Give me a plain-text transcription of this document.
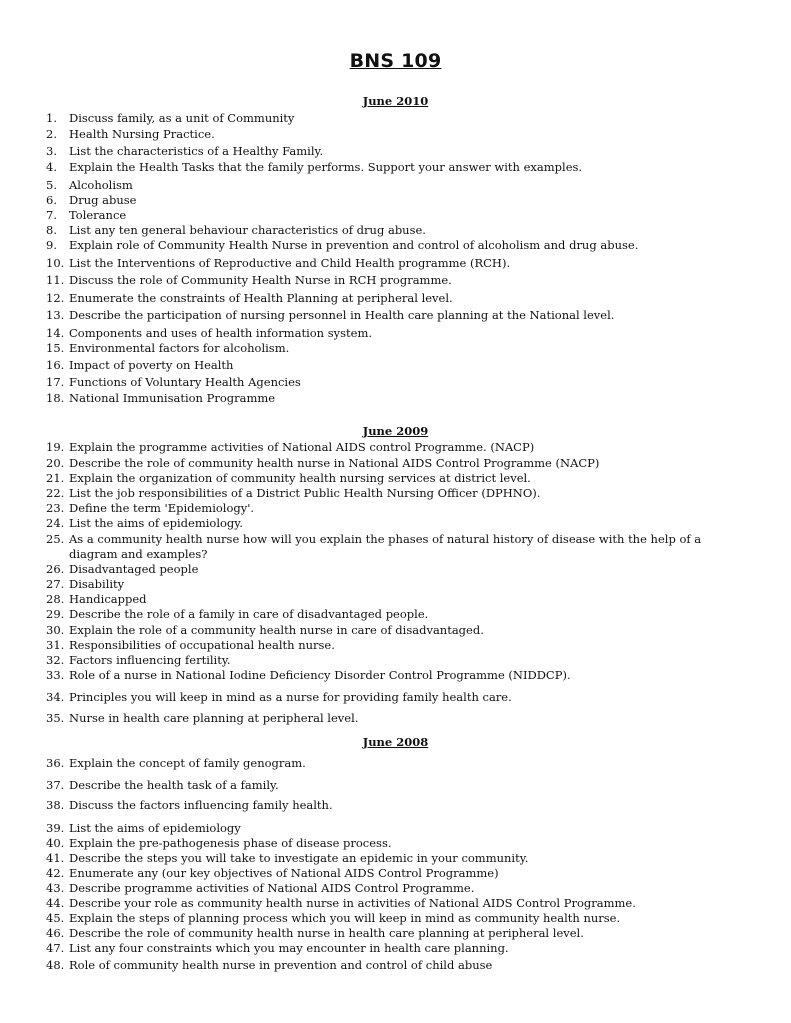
BNS 109
June 2010
1. Discuss family, as a unit of Community
2. Health Nursing Practice.
3. List the characteristics of a Healthy Family.
4. Explain the Health Tasks that the family performs. Support your answer with examples.
5. Alcoholism
6. Drug abuse
7. Tolerance
8. List any ten general behaviour characteristics of drug abuse.
9. Explain role of Community Health Nurse in prevention and control of alcoholism and drug abuse.
10.List the Interventions of Reproductive and Child Health programme (RCH).
11. Discuss the role of Community Health Nurse in RCH programme.
12. Enumerate the constraints of Health Planning at peripheral level.
13. Describe the participation of nursing personnel in Health care planning at the National level.
14. Components and uses of health information system.
15. Environmental factors for alcoholism.
16. Impact of poverty on Health
17. Functions of Voluntary Health Agencies
18. National Immunisation Programme
June 2009
19. Explain the programme activities of National AIDS control Programme. (NACP)
20. Describe the role of community health nurse in National AIDS Control Programme (NACP)
21. Explain the organization of community health nursing services at district level.
22. List the job responsibilities of a District Public Health Nursing Officer (DPHNO).
23. Define the term 'Epidemiology'.
24. List the aims of epidemiology.
25. As a community health nurse how will you explain the phases of natural history of disease with the help of a diagram and examples?
26. Disadvantaged people
27. Disability
28. Handicapped
29. Describe the role of a family in care of disadvantaged people.
30. Explain the role of a community health nurse in care of disadvantaged.
31. Responsibilities of occupational health nurse.
32. Factors influencing fertility.
33. Role of a nurse in National Iodine Deficiency Disorder Control Programme (NIDDCP).
34. Principles you will keep in mind as a nurse for providing family health care.
35. Nurse in health care planning at peripheral level.
June 2008
36. Explain the concept of family genogram.
37. Describe the health task of a family.
38. Discuss the factors influencing family health.
39. List the aims of epidemiology
40. Explain the pre-pathogenesis phase of disease process.
41. Describe the steps you will take to investigate an epidemic in your community.
42. Enumerate any (our key objectives of National AIDS Control Programme)
43. Describe programme activities of National AIDS Control Programme.
44. Describe your role as community health nurse in activities of National AIDS Control Programme.
45. Explain the steps of planning process which you will keep in mind as community health nurse.
46. Describe the role of community health nurse in health care planning at peripheral level.
47. List any four constraints which you may encounter in health care planning.
48. Role of community health nurse in prevention and control of child abuse
